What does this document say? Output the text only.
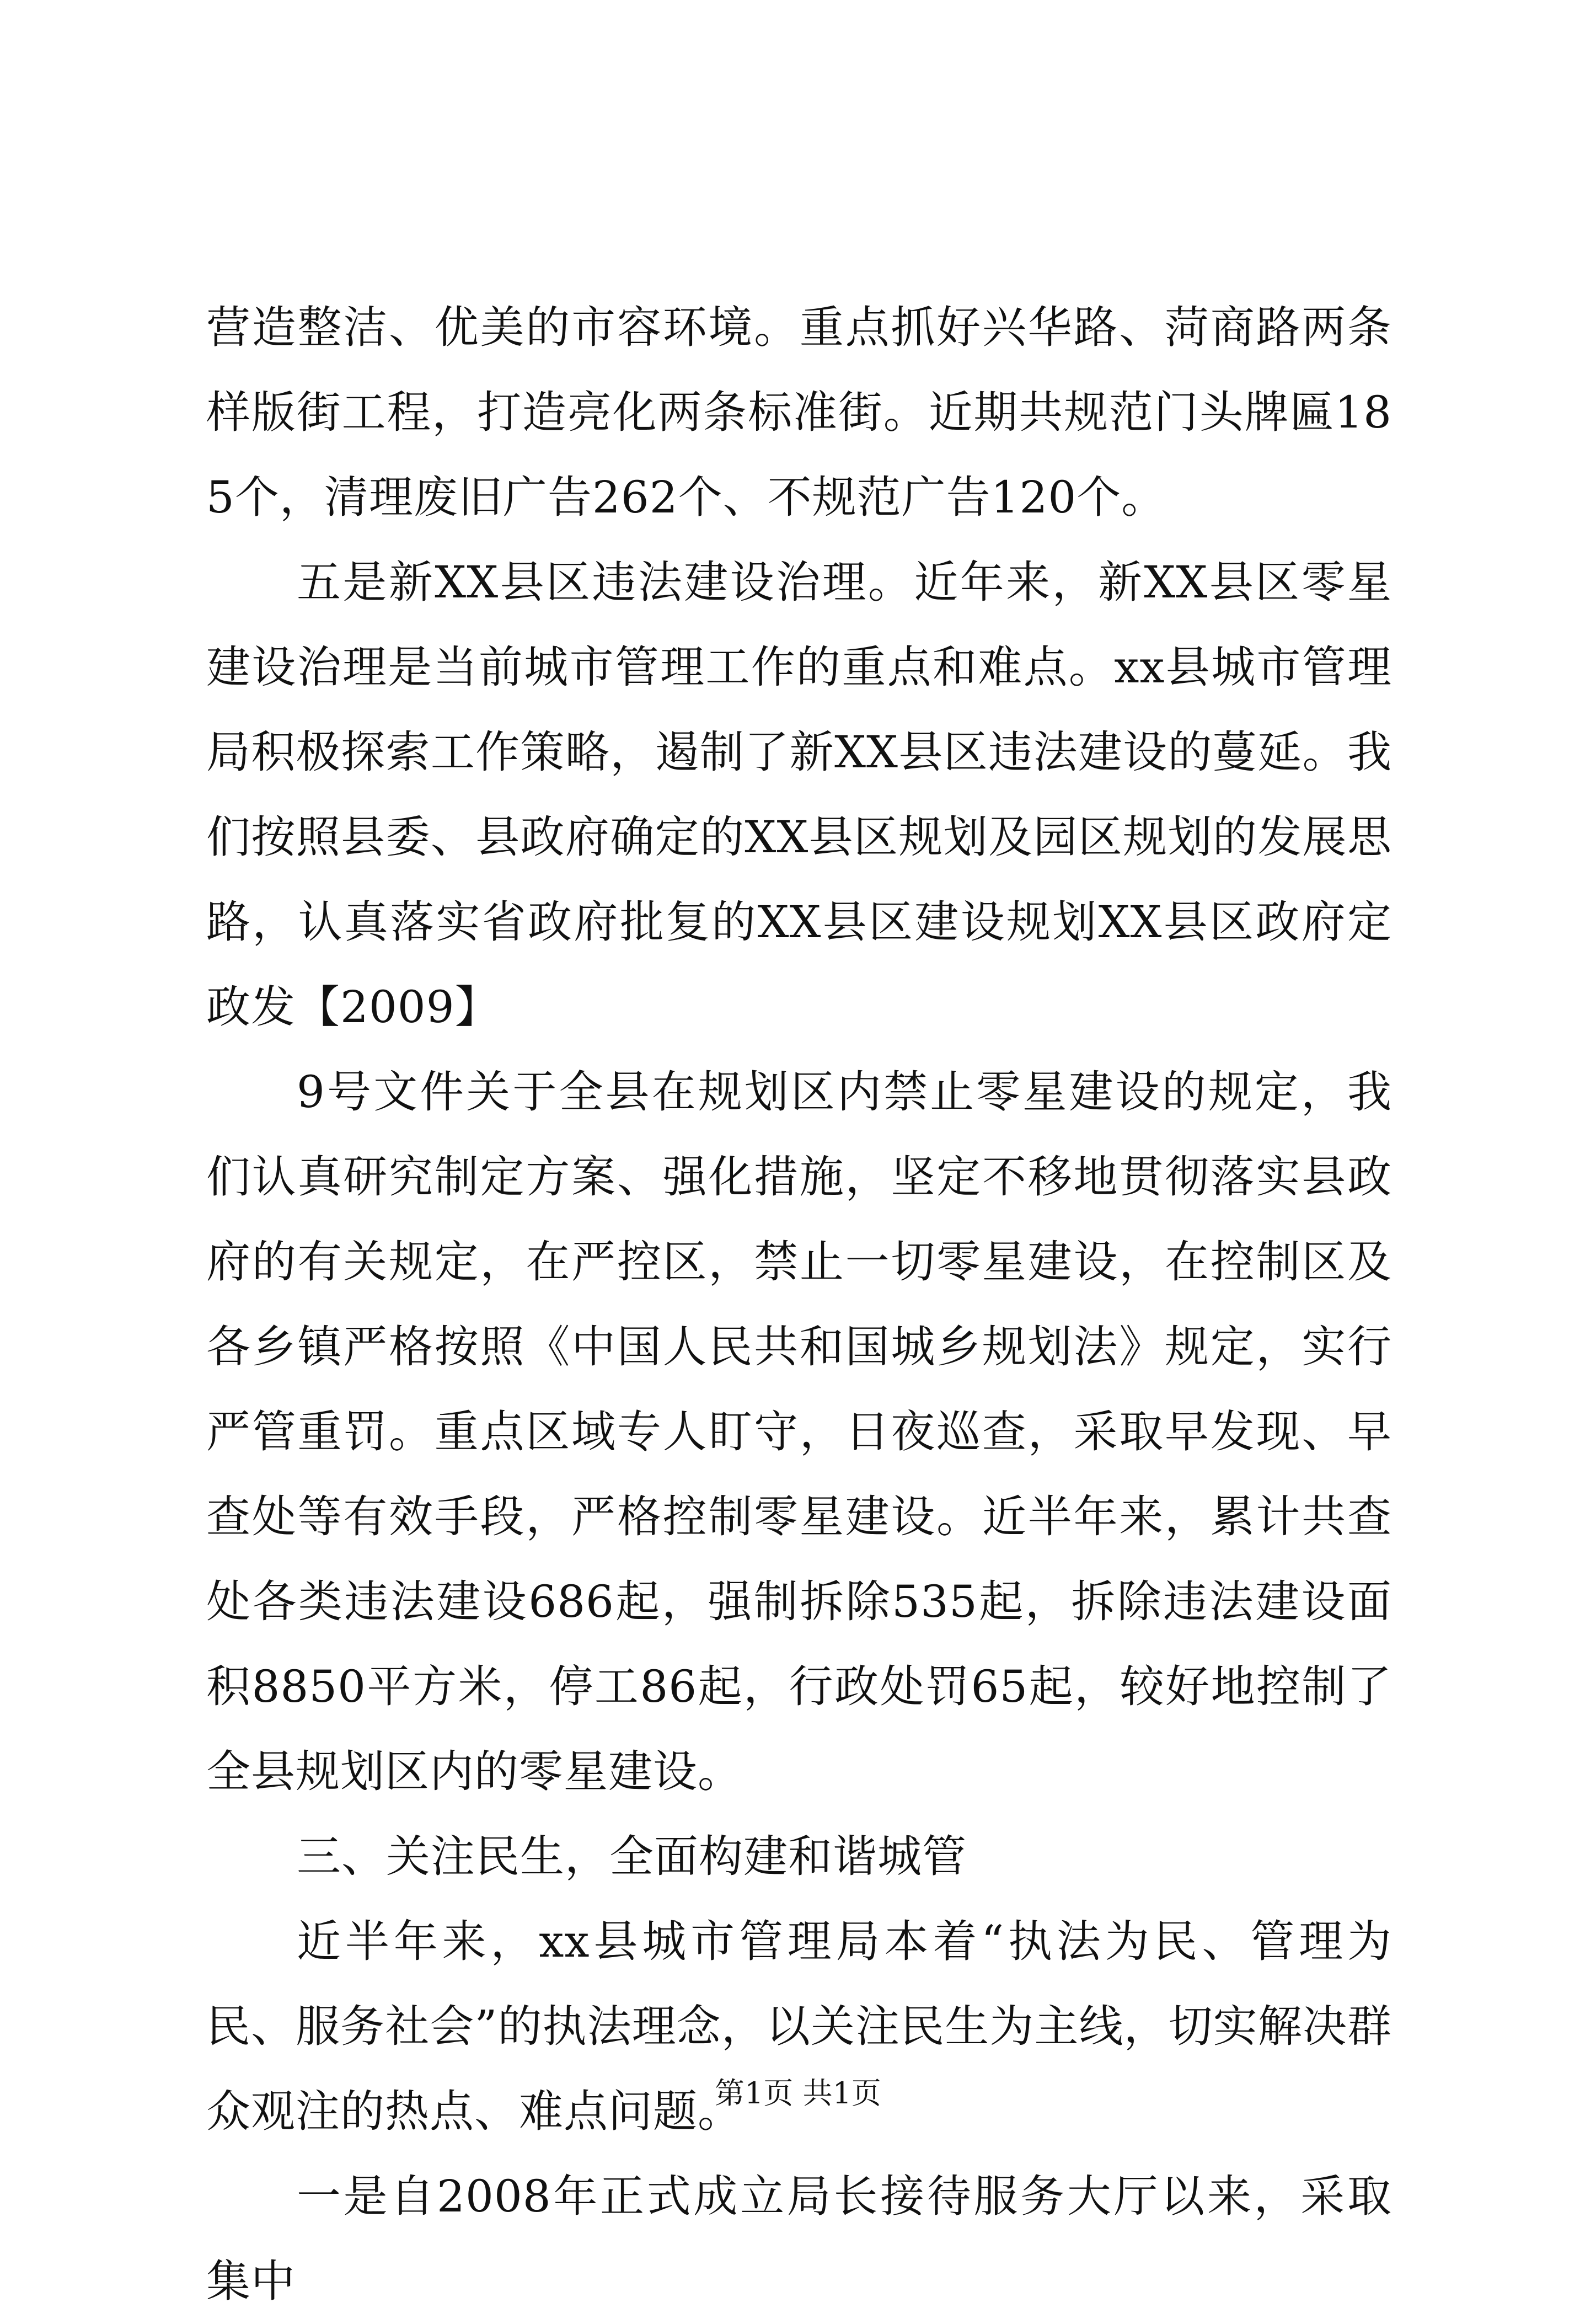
营造整洁、优美的市容环境。重点抓好兴华路、菏商路两条样版街工程，打造亮化两条标准街。近期共规范门头牌匾185个，清理废旧广告262个、不规范广告120个。

五是新XX县区违法建设治理。近年来，新XX县区零星建设治理是当前城市管理工作的重点和难点。xx县城市管理局积极探索工作策略，遏制了新XX县区违法建设的蔓延。我们按照县委、县政府确定的XX县区规划及园区规划的发展思路，认真落实省政府批复的XX县区建设规划XX县区政府定政发【2009】

9号文件关于全县在规划区内禁止零星建设的规定，我们认真研究制定方案、强化措施，坚定不移地贯彻落实县政府的有关规定，在严控区，禁止一切零星建设，在控制区及各乡镇严格按照《中国人民共和国城乡规划法》规定，实行严管重罚。重点区域专人盯守，日夜巡查，采取早发现、早查处等有效手段，严格控制零星建设。近半年来，累计共查处各类违法建设686起，强制拆除535起，拆除违法建设面积8850平方米，停工86起，行政处罚65起，较好地控制了全县规划区内的零星建设。

三、关注民生，全面构建和谐城管

近半年来，xx县城市管理局本着“执法为民、管理为民、服务社会”的执法理念，以关注民生为主线，切实解决群众观注的热点、难点问题。

一是自2008年正式成立局长接待服务大厅以来，采取集中

第1页 共1页
